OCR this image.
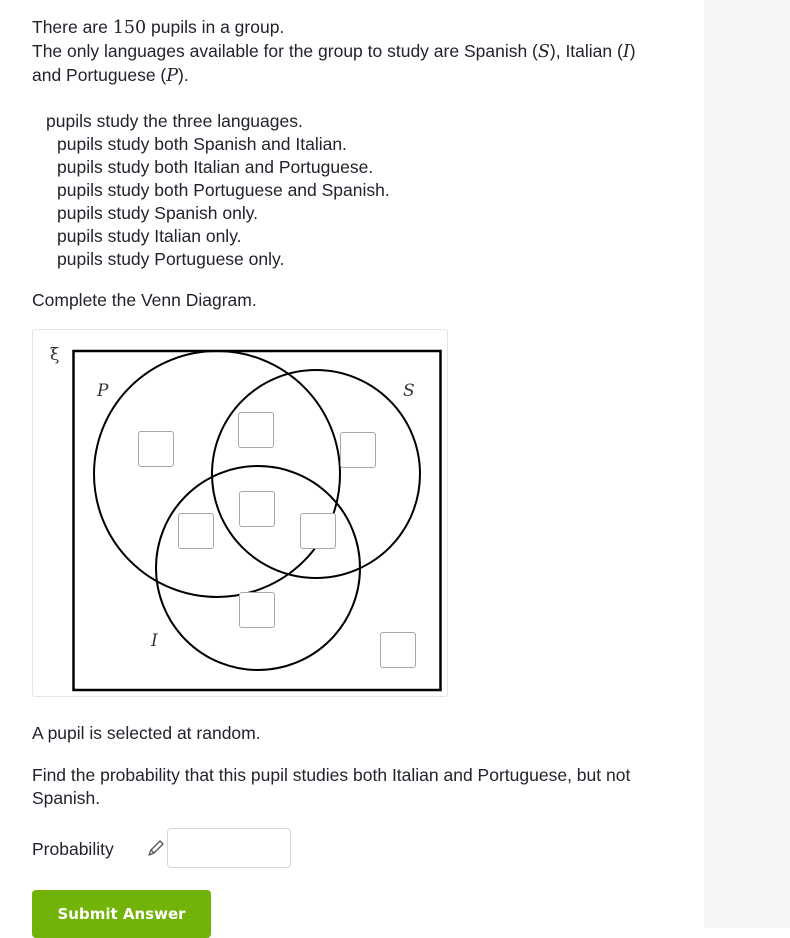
There are 150 pupils in a group.

The only languages available for the group to study are Spanish (S), Italian (I)

and Portuguese (P).

pupils study the three languages.

pupils study both Spanish and Italian.

pupils study both Italian and Portuguese.

pupils study both Portuguese and Spanish.

pupils study Spanish only.

pupils study Italian only.

pupils study Portuguese only.

Complete the Venn Diagram.

ξ
P	S
I

A pupil is selected at random.

Find the probability that this pupil studies both Italian and Portuguese, but not Spanish.

Probability
Submit Answer
